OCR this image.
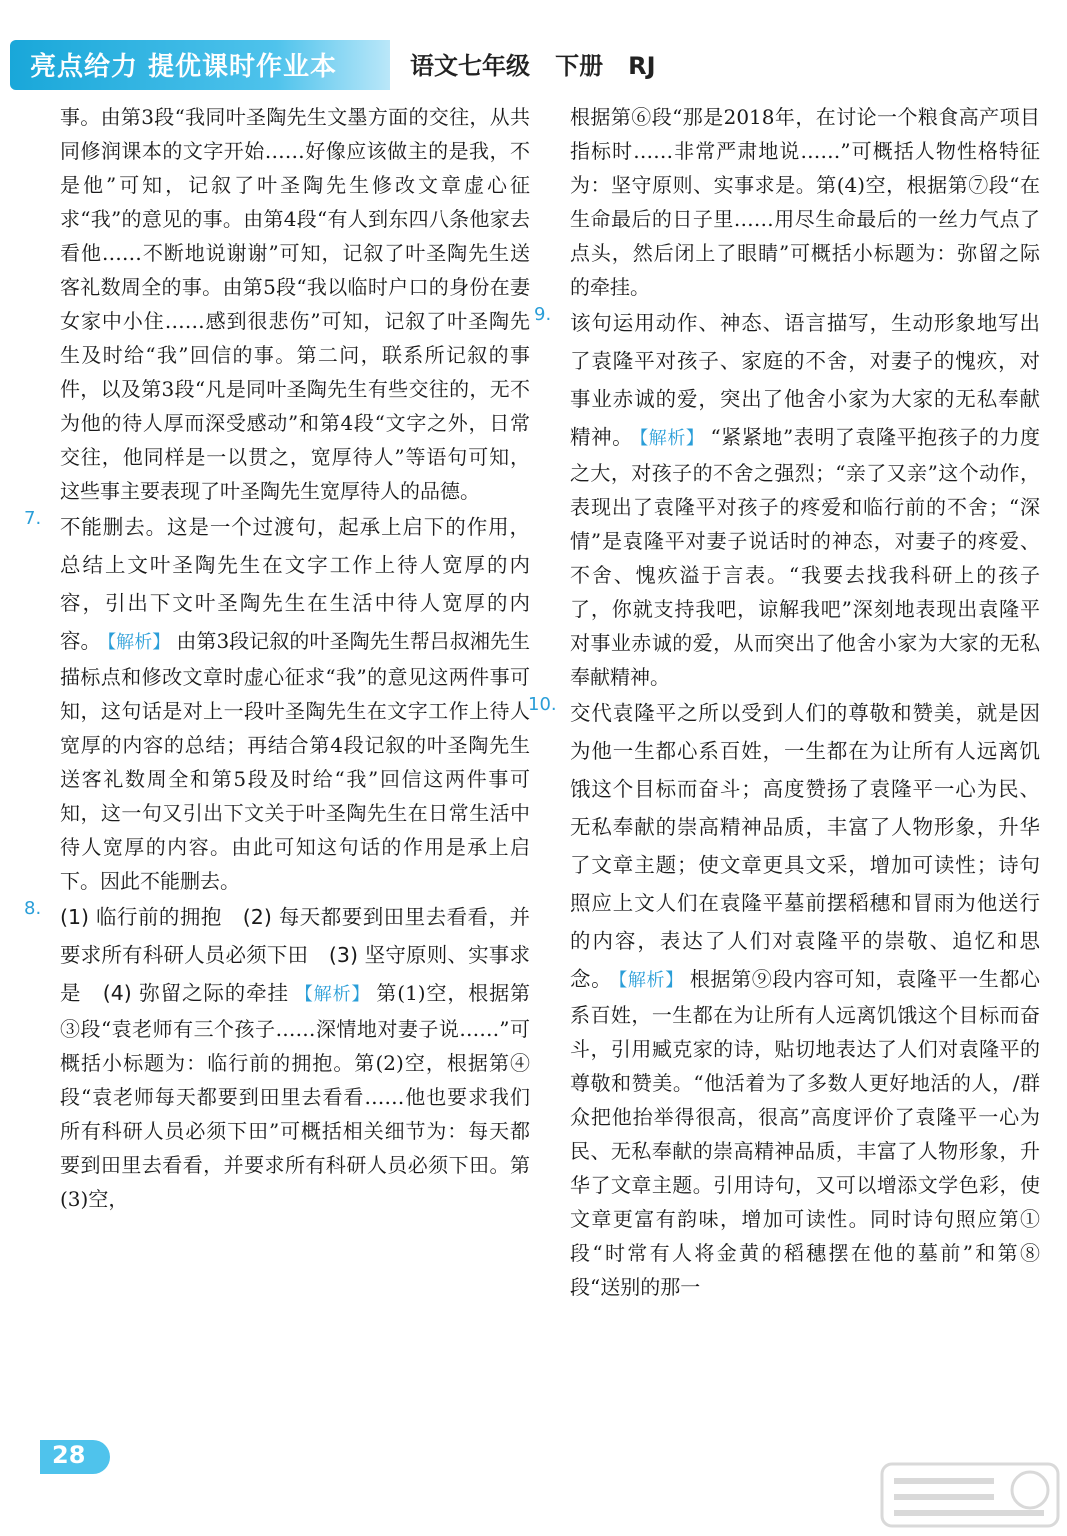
亮点给力 提优课时作业本	语文七年级   下册   RJ

事。由第3段“我同叶圣陶先生文墨方面的交往，从共同修润课本的文字开始……好像应该做主的是我，不是他”可知，记叙了叶圣陶先生修改文章虚心征求“我”的意见的事。由第4段“有人到东四八条他家去看他……不断地说谢谢”可知，记叙了叶圣陶先生送客礼数周全的事。由第5段“我以临时户口的身份在妻女家中小住……感到很悲伤”可知，记叙了叶圣陶先生及时给“我”回信的事。第二问，联系所记叙的事件，以及第3段“凡是同叶圣陶先生有些交往的，无不为他的待人厚而深受感动”和第4段“文字之外，日常交往，他同样是一以贯之，宽厚待人”等语句可知，这些事主要表现了叶圣陶先生宽厚待人的品德。

7. 不能删去。这是一个过渡句，起承上启下的作用，总结上文叶圣陶先生在文字工作上待人宽厚的内容，引出下文叶圣陶先生在生活中待人宽厚的内容。 【解析】 由第3段记叙的叶圣陶先生帮吕叔湘先生描标点和修改文章时虚心征求“我”的意见这两件事可知，这句话是对上一段叶圣陶先生在文字工作上待人宽厚的内容的总结；再结合第4段记叙的叶圣陶先生送客礼数周全和第5段及时给“我”回信这两件事可知，这一句又引出下文关于叶圣陶先生在日常生活中待人宽厚的内容。由此可知这句话的作用是承上启下。因此不能删去。

8. (1) 临行前的拥抱　(2) 每天都要到田里去看看，并要求所有科研人员必须下田　(3) 坚守原则、实事求是　(4) 弥留之际的牵挂 【解析】 第(1)空，根据第③段“袁老师有三个孩子……深情地对妻子说……”可概括小标题为：临行前的拥抱。第(2)空，根据第④段“袁老师每天都要到田里去看看……他也要求我们所有科研人员必须下田”可概括相关细节为：每天都要到田里去看看，并要求所有科研人员必须下田。第(3)空，

根据第⑥段“那是2018年，在讨论一个粮食高产项目指标时……非常严肃地说……”可概括人物性格特征为：坚守原则、实事求是。第(4)空，根据第⑦段“在生命最后的日子里……用尽生命最后的一丝力气点了点头，然后闭上了眼睛”可概括小标题为：弥留之际的牵挂。

9. 该句运用动作、神态、语言描写，生动形象地写出了袁隆平对孩子、家庭的不舍，对妻子的愧疚，对事业赤诚的爱，突出了他舍小家为大家的无私奉献精神。 【解析】 “紧紧地”表明了袁隆平抱孩子的力度之大，对孩子的不舍之强烈；“亲了又亲”这个动作，表现出了袁隆平对孩子的疼爱和临行前的不舍；“深情”是袁隆平对妻子说话时的神态，对妻子的疼爱、不舍、愧疚溢于言表。“我要去找我科研上的孩子了，你就支持我吧，谅解我吧”深刻地表现出袁隆平对事业赤诚的爱，从而突出了他舍小家为大家的无私奉献精神。

10. 交代袁隆平之所以受到人们的尊敬和赞美，就是因为他一生都心系百姓，一生都在为让所有人远离饥饿这个目标而奋斗；高度赞扬了袁隆平一心为民、无私奉献的崇高精神品质，丰富了人物形象，升华了文章主题；使文章更具文采，增加可读性；诗句照应上文人们在袁隆平墓前摆稻穗和冒雨为他送行的内容，表达了人们对袁隆平的崇敬、追忆和思念。 【解析】 根据第⑨段内容可知，袁隆平一生都心系百姓，一生都在为让所有人远离饥饿这个目标而奋斗，引用臧克家的诗，贴切地表达了人们对袁隆平的尊敬和赞美。“他活着为了多数人更好地活的人，/群众把他抬举得很高，很高”高度评价了袁隆平一心为民、无私奉献的崇高精神品质，丰富了人物形象，升华了文章主题。引用诗句，又可以增添文学色彩，使文章更富有韵味，增加可读性。同时诗句照应第①段“时常有人将金黄的稻穗摆在他的墓前”和第⑧段“送别的那一

28
